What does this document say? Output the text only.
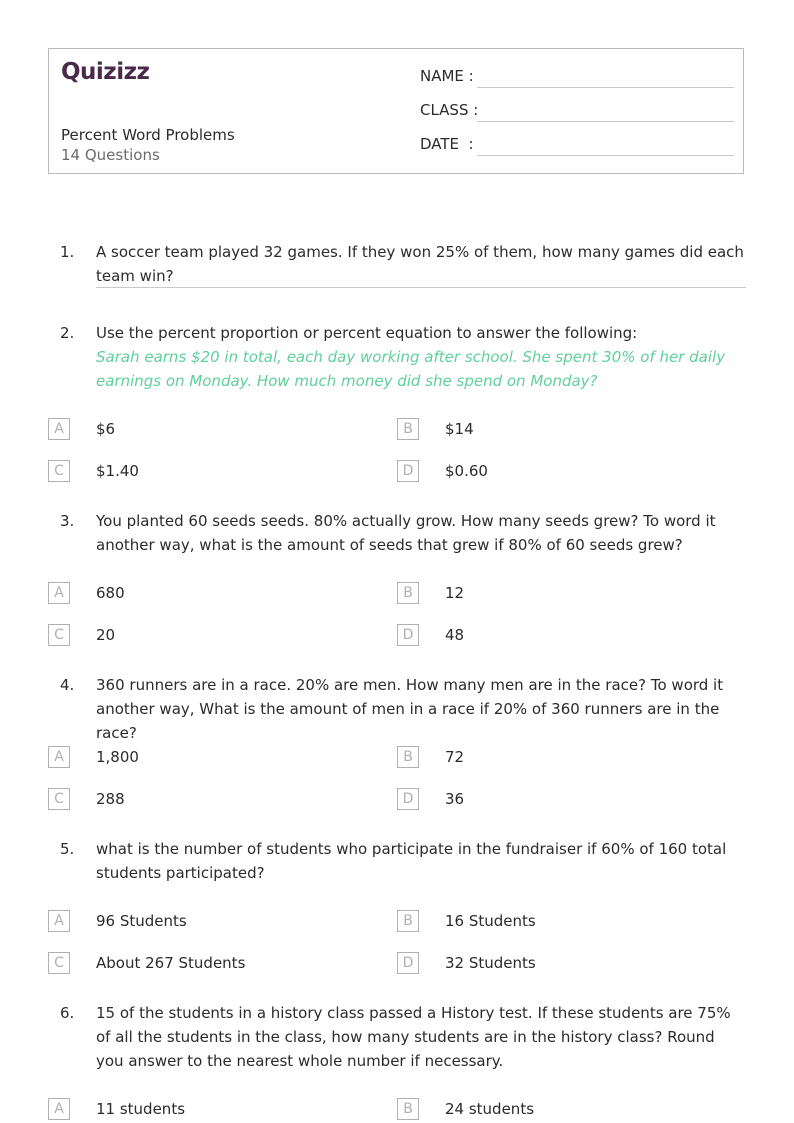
Quizizz
Percent Word Problems
14 Questions
NAME :
CLASS :
DATE  :
1. A soccer team played 32 games. If they won 25% of them, how many games did each team win?
2. Use the percent proportion or percent equation to answer the following:
Sarah earns $20 in total, each day working after school. She spent 30% of her daily earnings on Monday. How much money did she spend on Monday?
A	$6	B	$14
C	$1.40	D	$0.60
3. You planted 60 seeds seeds. 80% actually grow. How many seeds grew? To word it another way, what is the amount of seeds that grew if 80% of 60 seeds grew?
A	680	B	12
C	20	D	48
4. 360 runners are in a race. 20% are men. How many men are in the race? To word it another way, What is the amount of men in a race if 20% of 360 runners are in the race?
A	1,800	B	72
C	288	D	36
5. what is the number of students who participate in the fundraiser if 60% of 160 total students participated?
A	96 Students	B	16 Students
C	About 267 Students	D	32 Students
6. 15 of the students in a history class passed a History test. If these students are 75% of all the students in the class, how many students are in the history class? Round you answer to the nearest whole number if necessary.
A	11 students	B	24 students
